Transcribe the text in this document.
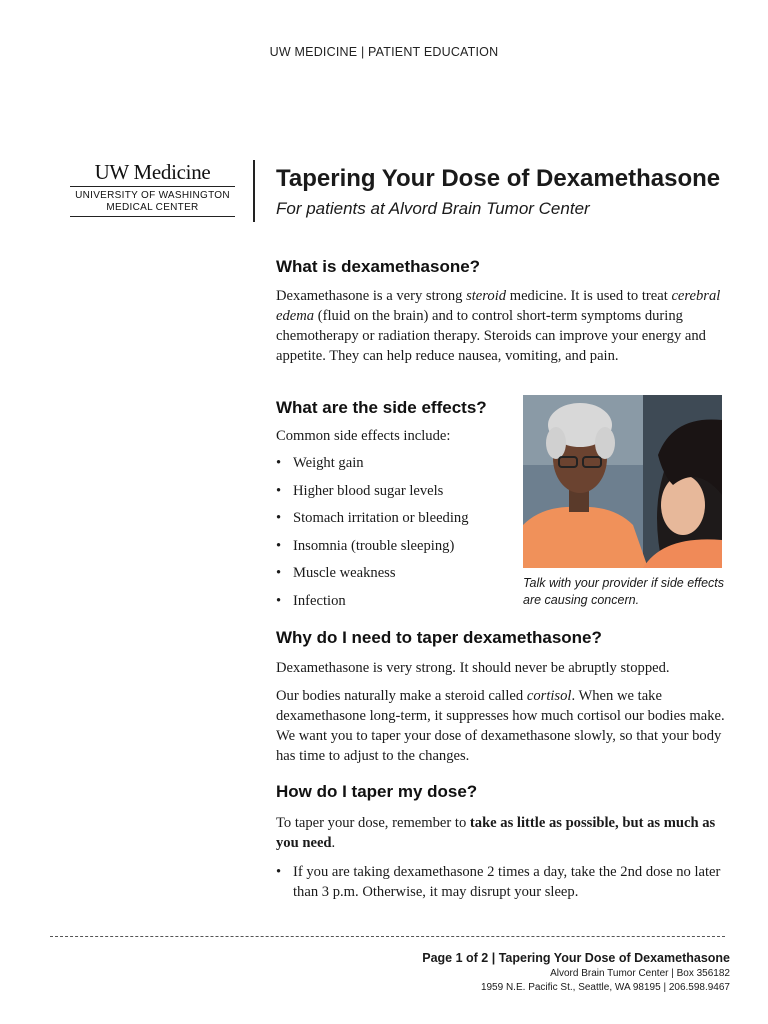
UW MEDICINE | PATIENT EDUCATION
UW Medicine
UNIVERSITY OF WASHINGTON
MEDICAL CENTER
Tapering Your Dose of Dexamethasone
For patients at Alvord Brain Tumor Center
What is dexamethasone?
Dexamethasone is a very strong steroid medicine. It is used to treat cerebral edema (fluid on the brain) and to control short-term symptoms during chemotherapy or radiation therapy. Steroids can improve your energy and appetite. They can help reduce nausea, vomiting, and pain.
What are the side effects?
Common side effects include:
• Weight gain
• Higher blood sugar levels
• Stomach irritation or bleeding
• Insomnia (trouble sleeping)
• Muscle weakness
• Infection
Talk with your provider if side effects are causing concern.
Why do I need to taper dexamethasone?
Dexamethasone is very strong. It should never be abruptly stopped.
Our bodies naturally make a steroid called cortisol. When we take dexamethasone long-term, it suppresses how much cortisol our bodies make. We want you to taper your dose of dexamethasone slowly, so that your body has time to adjust to the changes.
How do I taper my dose?
To taper your dose, remember to take as little as possible, but as much as you need.
• If you are taking dexamethasone 2 times a day, take the 2nd dose no later than 3 p.m. Otherwise, it may disrupt your sleep.
Page 1 of 2 | Tapering Your Dose of Dexamethasone
Alvord Brain Tumor Center | Box 356182
1959 N.E. Pacific St., Seattle, WA 98195 | 206.598.9467
